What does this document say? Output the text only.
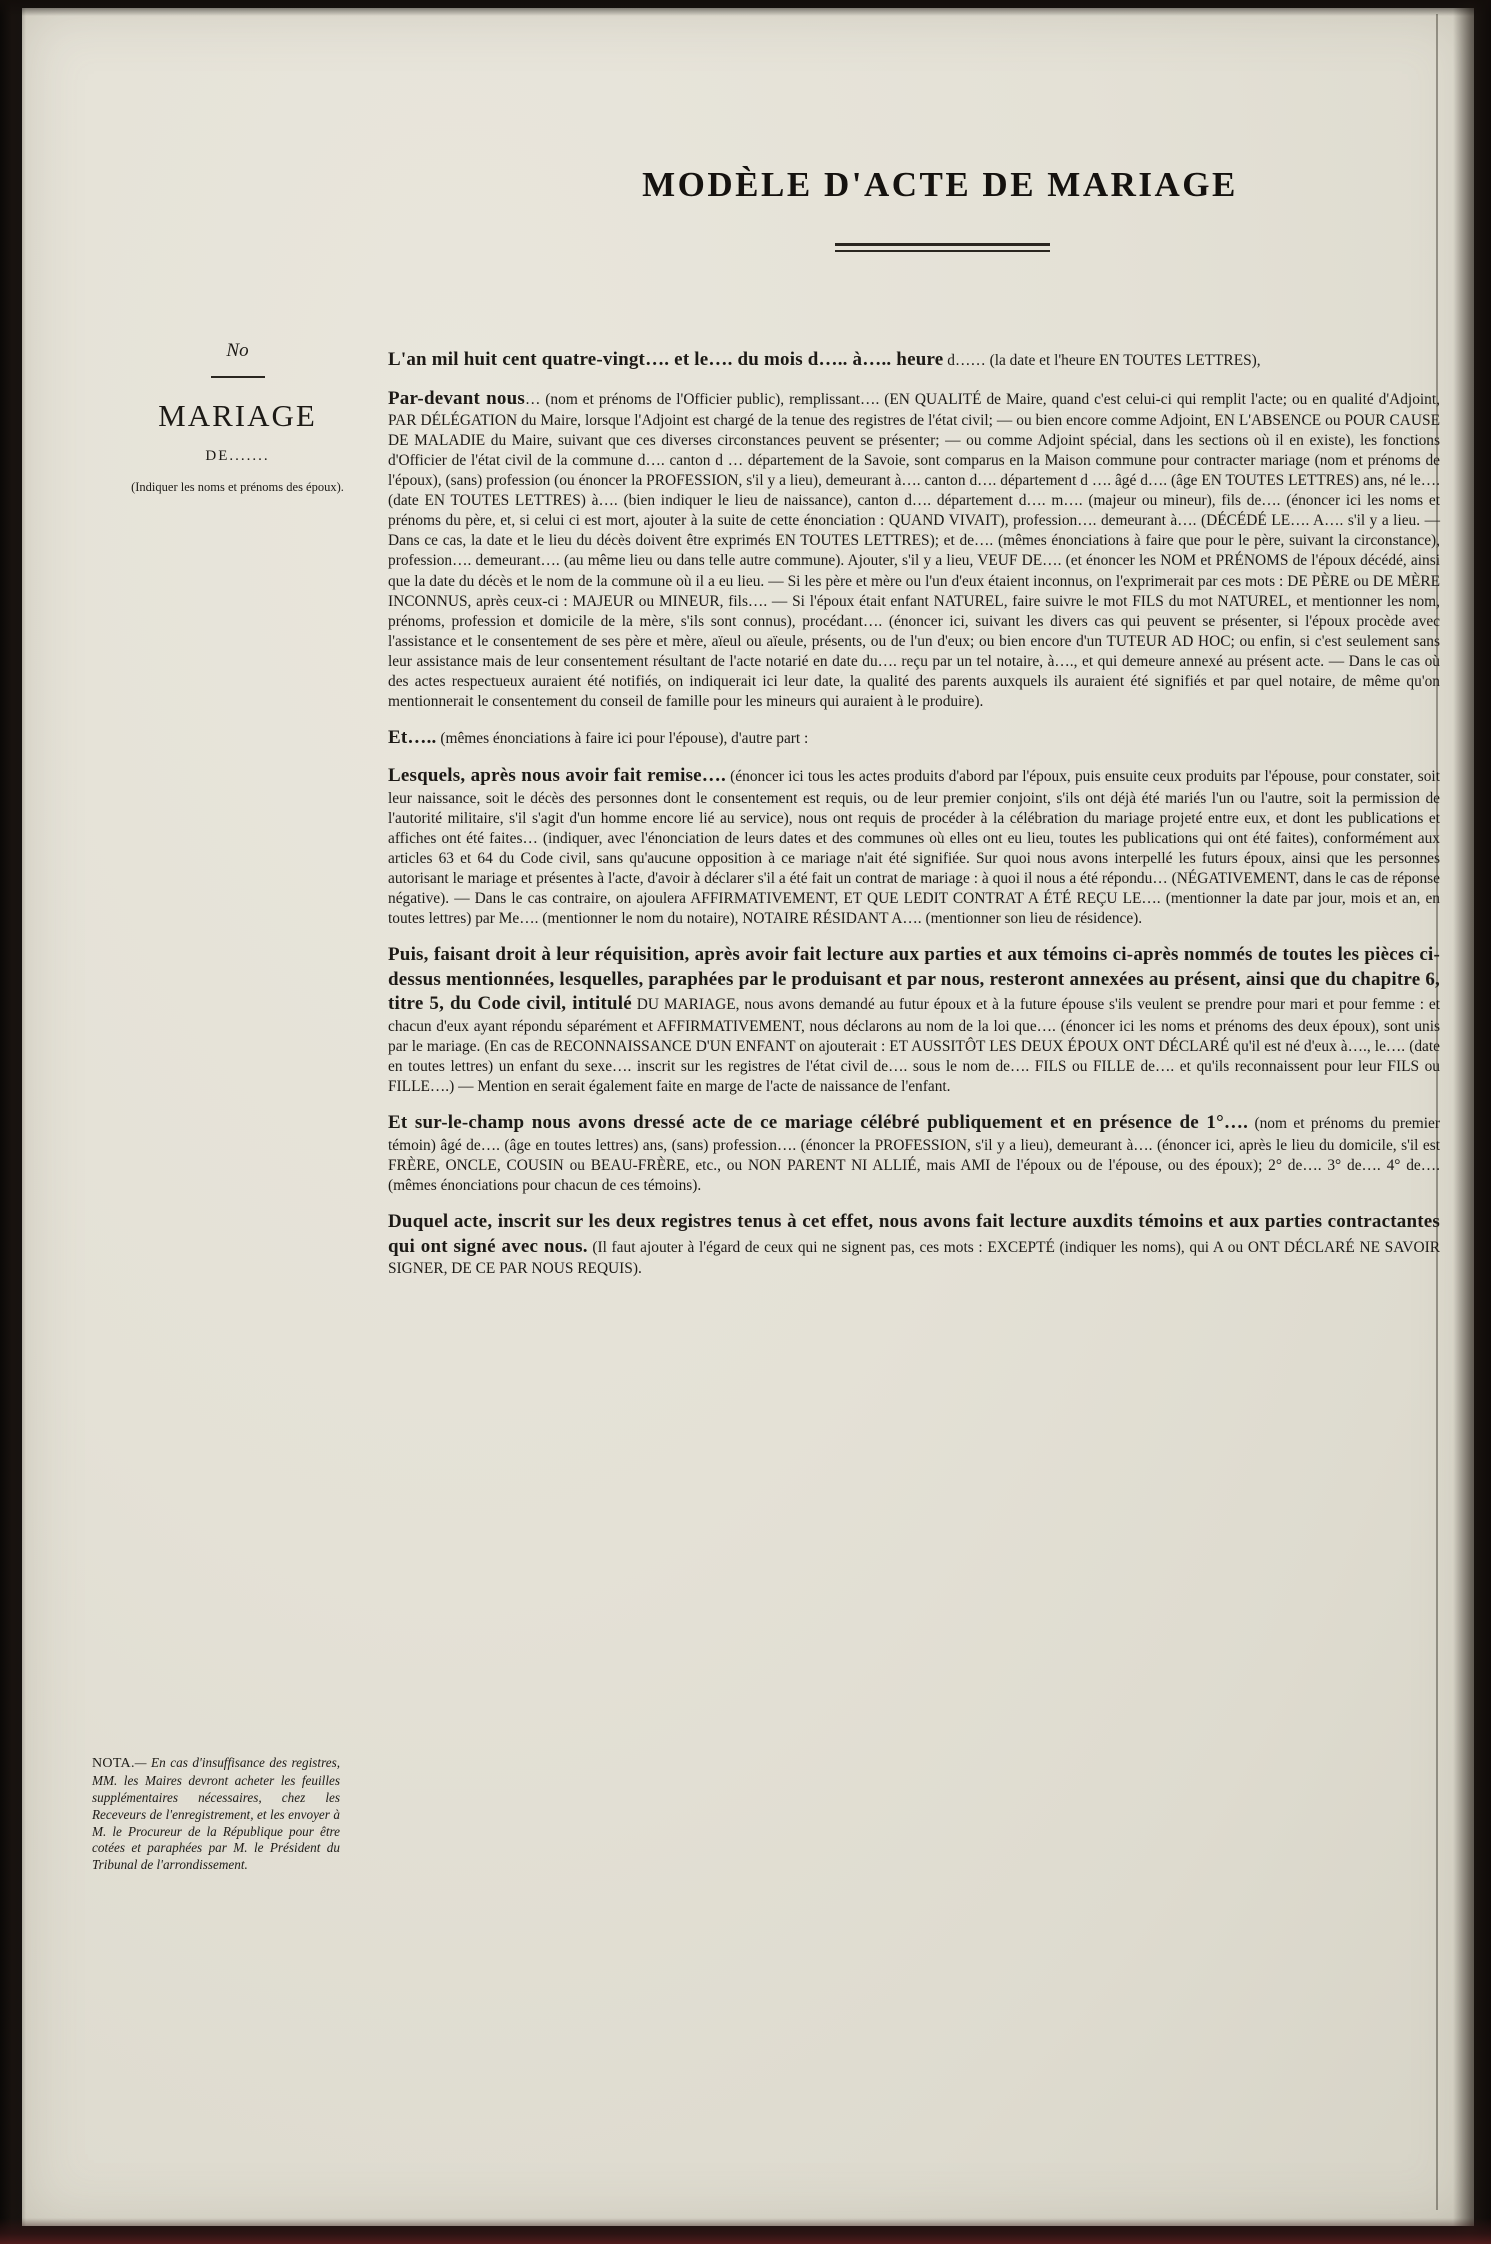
MODÈLE D'ACTE DE MARIAGE
No
MARIAGE
DE.......
(Indiquer les noms et prénoms des époux).
NOTA.— En cas d'insuffisance des registres, MM. les Maires devront acheter les feuilles supplémentaires nécessaires, chez les Receveurs de l'enregistrement, et les envoyer à M. le Procureur de la République pour être cotées et paraphées par M. le Président du Tribunal de l'arrondissement.
L'an mil huit cent quatre-vingt…. et le…. du mois d….. à….. heure d…… (la date et l'heure EN TOUTES LETTRES),
Par-devant nous… (nom et prénoms de l'Officier public), remplissant…. (EN QUALITÉ de Maire, quand c'est celui-ci qui remplit l'acte; ou en qualité d'Adjoint, PAR DÉLÉGATION du Maire, lorsque l'Adjoint est chargé de la tenue des registres de l'état civil; — ou bien encore comme Adjoint, EN L'ABSENCE ou POUR CAUSE DE MALADIE du Maire, suivant que ces diverses circonstances peuvent se présenter; — ou comme Adjoint spécial, dans les sections où il en existe), les fonctions d'Officier de l'état civil de la commune d…. canton d … département de la Savoie, sont comparus en la Maison commune pour contracter mariage (nom et prénoms de l'époux), (sans) profession (ou énoncer la PROFESSION, s'il y a lieu), demeurant à…. canton d…. département d …. âgé d…. (âge EN TOUTES LETTRES) ans, né le…. (date EN TOUTES LETTRES) à…. (bien indiquer le lieu de naissance), canton d…. département d…. m…. (majeur ou mineur), fils de…. (énoncer ici les noms et prénoms du père, et, si celui ci est mort, ajouter à la suite de cette énonciation : QUAND VIVAIT), profession…. demeurant à…. (DÉCÉDÉ LE…. A…. s'il y a lieu. — Dans ce cas, la date et le lieu du décès doivent être exprimés EN TOUTES LETTRES); et de…. (mêmes énonciations à faire que pour le père, suivant la circonstance), profession…. demeurant…. (au même lieu ou dans telle autre commune). Ajouter, s'il y a lieu, VEUF DE…. (et énoncer les NOM et PRÉNOMS de l'époux décédé, ainsi que la date du décès et le nom de la commune où il a eu lieu. — Si les père et mère ou l'un d'eux étaient inconnus, on l'exprimerait par ces mots : DE PÈRE ou DE MÈRE INCONNUS, après ceux-ci : MAJEUR ou MINEUR, fils…. — Si l'époux était enfant NATUREL, faire suivre le mot FILS du mot NATUREL, et mentionner les nom, prénoms, profession et domicile de la mère, s'ils sont connus), procédant…. (énoncer ici, suivant les divers cas qui peuvent se présenter, si l'époux procède avec l'assistance et le consentement de ses père et mère, aïeul ou aïeule, présents, ou de l'un d'eux; ou bien encore d'un TUTEUR AD HOC; ou enfin, si c'est seulement sans leur assistance mais de leur consentement résultant de l'acte notarié en date du…. reçu par un tel notaire, à…., et qui demeure annexé au présent acte. — Dans le cas où des actes respectueux auraient été notifiés, on indiquerait ici leur date, la qualité des parents auxquels ils auraient été signifiés et par quel notaire, de même qu'on mentionnerait le consentement du conseil de famille pour les mineurs qui auraient à le produire).
Et….. (mêmes énonciations à faire ici pour l'épouse), d'autre part :
Lesquels, après nous avoir fait remise…. (énoncer ici tous les actes produits d'abord par l'époux, puis ensuite ceux produits par l'épouse, pour constater, soit leur naissance, soit le décès des personnes dont le consentement est requis, ou de leur premier conjoint, s'ils ont déjà été mariés l'un ou l'autre, soit la permission de l'autorité militaire, s'il s'agit d'un homme encore lié au service), nous ont requis de procéder à la célébration du mariage projeté entre eux, et dont les publications et affiches ont été faites… (indiquer, avec l'énonciation de leurs dates et des communes où elles ont eu lieu, toutes les publications qui ont été faites), conformément aux articles 63 et 64 du Code civil, sans qu'aucune opposition à ce mariage n'ait été signifiée. Sur quoi nous avons interpellé les futurs époux, ainsi que les personnes autorisant le mariage et présentes à l'acte, d'avoir à déclarer s'il a été fait un contrat de mariage : à quoi il nous a été répondu… (NÉGATIVEMENT, dans le cas de réponse négative). — Dans le cas contraire, on ajoulera AFFIRMATIVEMENT, ET QUE LEDIT CONTRAT A ÉTÉ REÇU LE…. (mentionner la date par jour, mois et an, en toutes lettres) par Me…. (mentionner le nom du notaire), NOTAIRE RÉSIDANT A…. (mentionner son lieu de résidence).
Puis, faisant droit à leur réquisition, après avoir fait lecture aux parties et aux témoins ci-après nommés de toutes les pièces ci-dessus mentionnées, lesquelles, paraphées par le produisant et par nous, resteront annexées au présent, ainsi que du chapitre 6, titre 5, du Code civil, intitulé DU MARIAGE, nous avons demandé au futur époux et à la future épouse s'ils veulent se prendre pour mari et pour femme : et chacun d'eux ayant répondu séparément et AFFIRMATIVEMENT, nous déclarons au nom de la loi que…. (énoncer ici les noms et prénoms des deux époux), sont unis par le mariage. (En cas de RECONNAISSANCE D'UN ENFANT on ajouterait : ET AUSSITÔT LES DEUX ÉPOUX ONT DÉCLARÉ qu'il est né d'eux à…., le…. (date en toutes lettres) un enfant du sexe…. inscrit sur les registres de l'état civil de…. sous le nom de…. FILS ou FILLE de…. et qu'ils reconnaissent pour leur FILS ou FILLE….) — Mention en serait également faite en marge de l'acte de naissance de l'enfant.
Et sur-le-champ nous avons dressé acte de ce mariage célébré publiquement et en présence de 1°…. (nom et prénoms du premier témoin) âgé de…. (âge en toutes lettres) ans, (sans) profession…. (énoncer la PROFESSION, s'il y a lieu), demeurant à…. (énoncer ici, après le lieu du domicile, s'il est FRÈRE, ONCLE, COUSIN ou BEAU-FRÈRE, etc., ou NON PARENT NI ALLIÉ, mais AMI de l'époux ou de l'épouse, ou des époux); 2° de…. 3° de…. 4° de…. (mêmes énonciations pour chacun de ces témoins).
Duquel acte, inscrit sur les deux registres tenus à cet effet, nous avons fait lecture auxdits témoins et aux parties contractantes qui ont signé avec nous. (Il faut ajouter à l'égard de ceux qui ne signent pas, ces mots : EXCEPTÉ (indiquer les noms), qui A ou ONT DÉCLARÉ NE SAVOIR SIGNER, DE CE PAR NOUS REQUIS).
